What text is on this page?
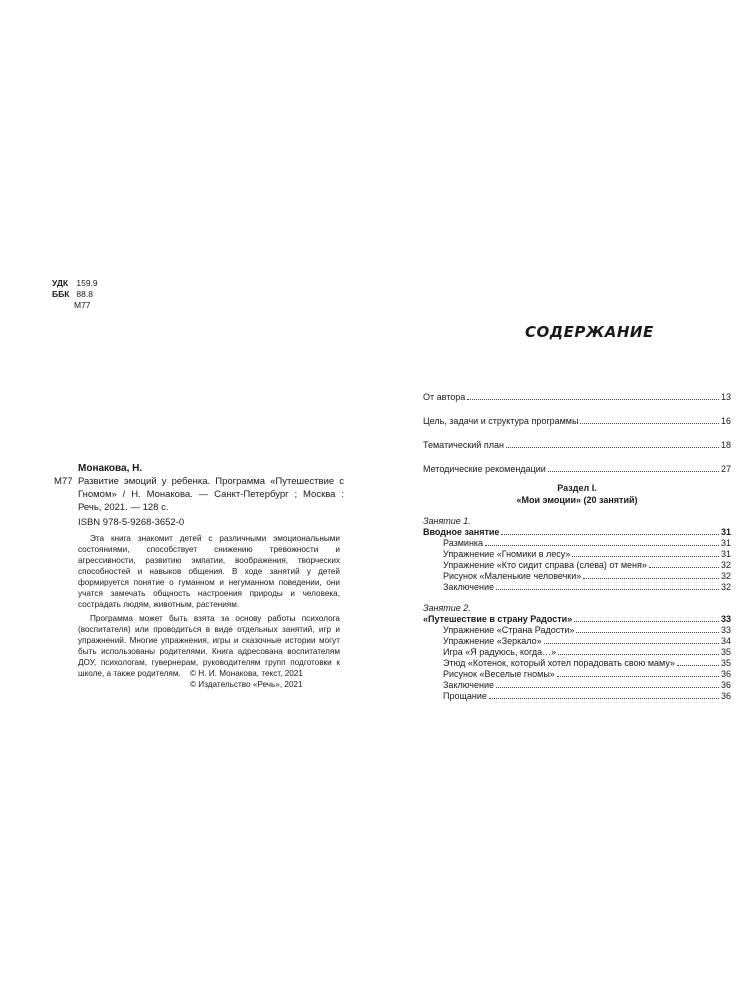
УДК 159.9
ББК 88.8
М77
Монакова, Н.
М77 Развитие эмоций у ребенка. Программа «Путешествие с Гномом» / Н. Монакова. — Санкт-Петербург ; Москва : Речь, 2021. — 128 с.
ISBN 978-5-9268-3652-0

Эта книга знакомит детей с различными эмоциональными состояниями, способствует снижению тревожности и агрессивности, развитию эмпатии, воображения, творческих способностей и навыков общения. В ходе занятий у детей формируется понятие о гуманном и негуманном поведении, они учатся замечать общность настроения природы и человека, сострадать людям, животным, растениям.

Программа может быть взята за основу работы психолога (воспитателя) или проводиться в виде отдельных занятий, игр и упражнений. Многие упражнения, игры и сказочные истории могут быть использованы родителями. Книга адресована воспитателям ДОУ, психологам, гувернерам, руководителям групп подготовки к школе, а также родителям.	© Н. И. Монакова, текст, 2021
© Издательство «Речь», 2021
СОДЕРЖАНИЕ
От автора	13
Цель, задачи и структура программы	16
Тематический план	18
Методические рекомендации	27
Раздел I.
«Мои эмоции» (20 занятий)
Занятие 1.
Вводное занятие	31
Разминка	31
Упражнение «Гномики в лесу»	31
Упражнение «Кто сидит справа (слева) от меня»	32
Рисунок «Маленькие человечки»	32
Заключение	32
Занятие 2.
«Путешествие в страну Радости»	33
Упражнение «Страна Радости»	33
Упражнение «Зеркало»	34
Игра «Я радуюсь, когда…»	35
Этюд «Котенок, который хотел порадовать свою маму»	35
Рисунок «Веселые гномы»	36
Заключение	36
Прощание	36
